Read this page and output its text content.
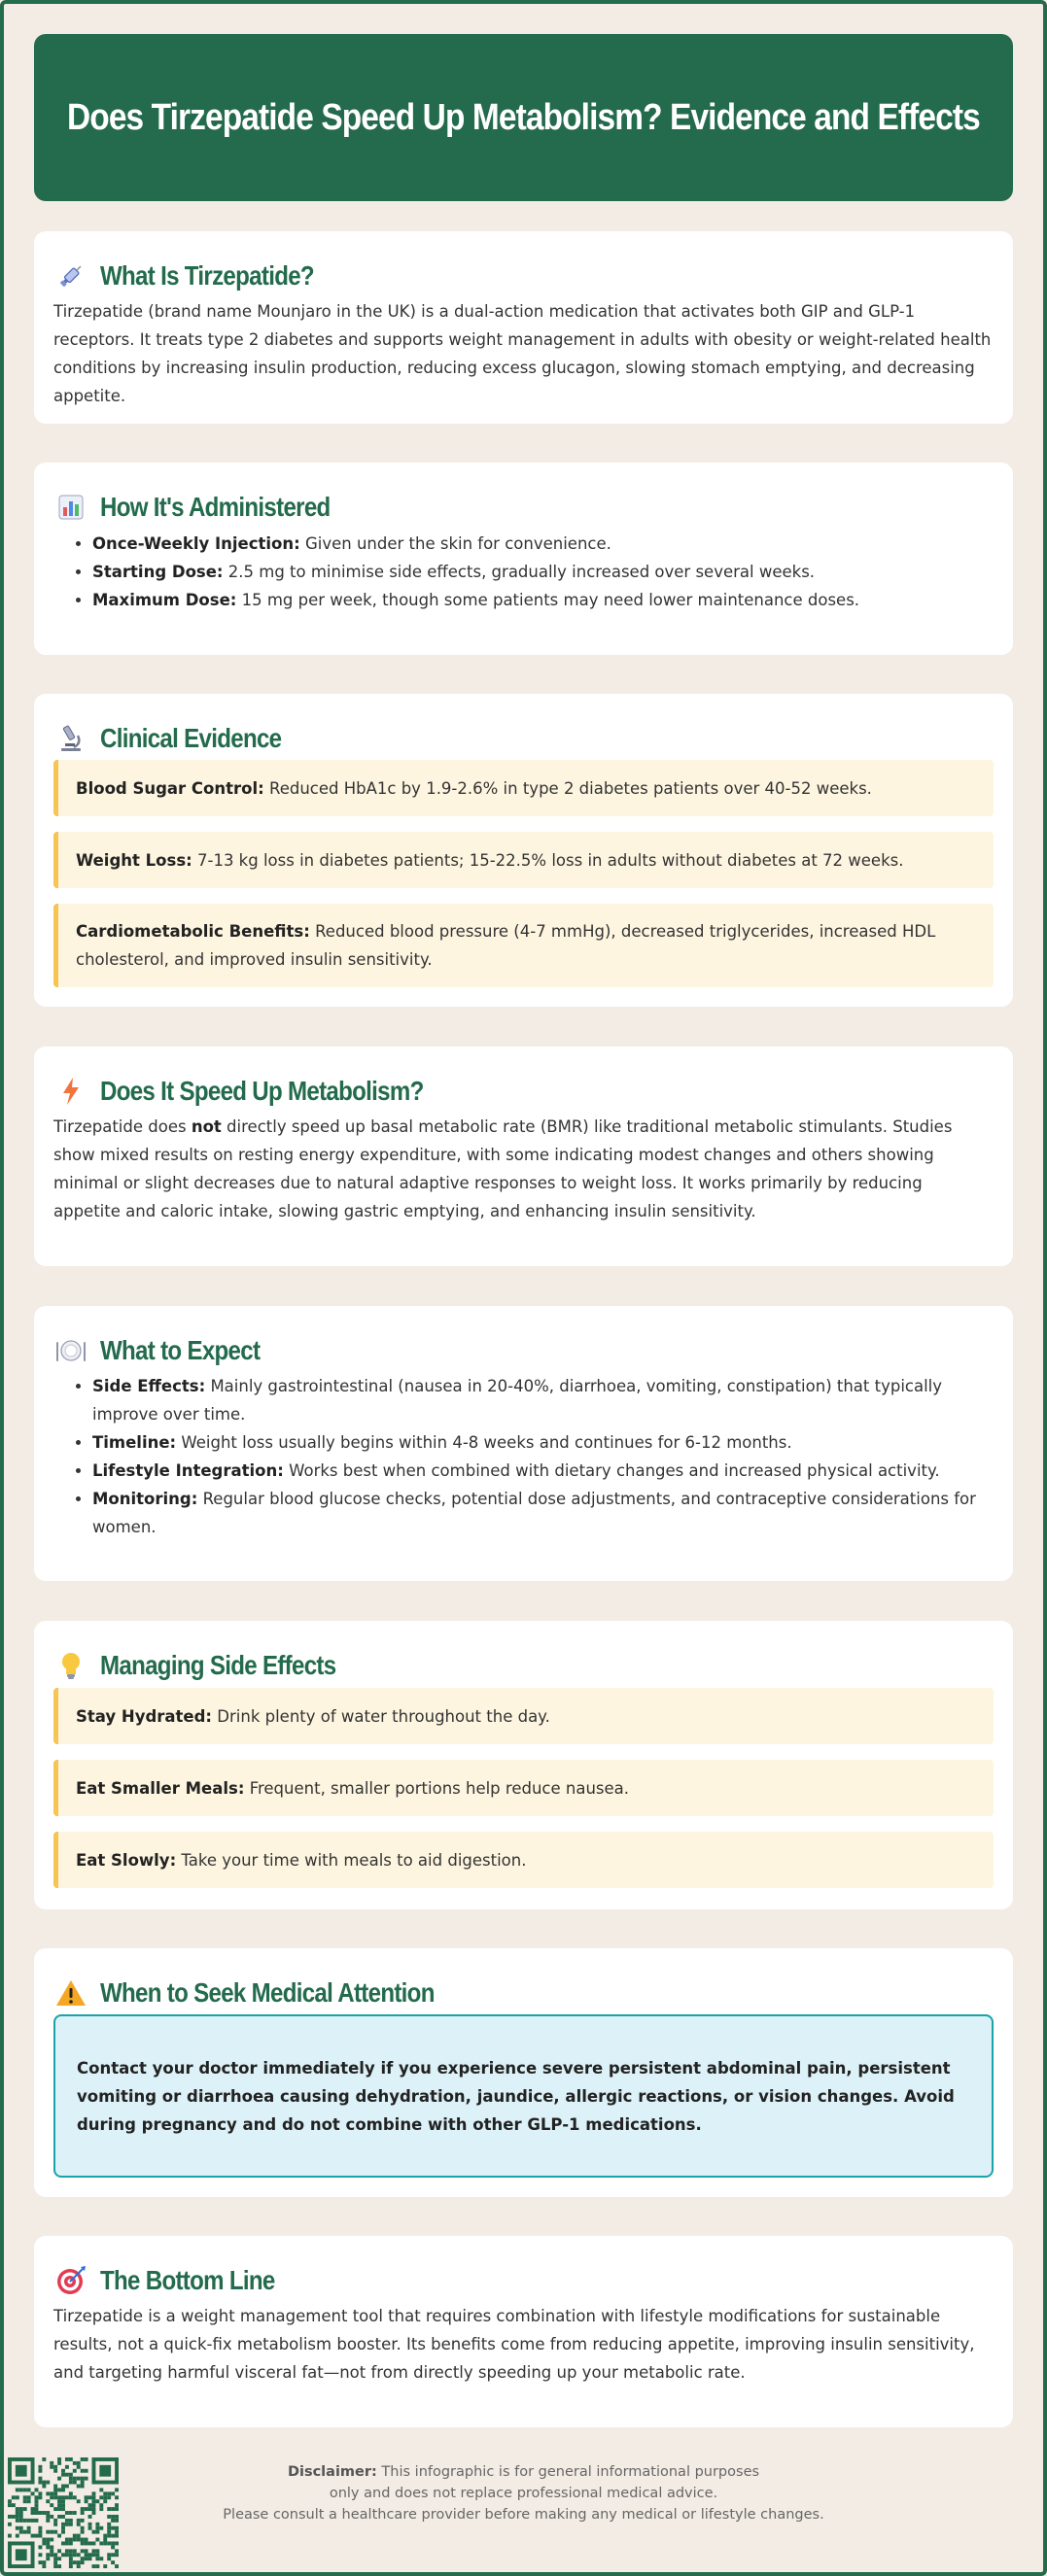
Does Tirzepatide Speed Up Metabolism? Evidence and Effects
What Is Tirzepatide?
Tirzepatide (brand name Mounjaro in the UK) is a dual-action medication that activates both GIP and GLP-1 receptors. It treats type 2 diabetes and supports weight management in adults with obesity or weight-related health conditions by increasing insulin production, reducing excess glucagon, slowing stomach emptying, and decreasing appetite.
How It's Administered
• Once-Weekly Injection: Given under the skin for convenience.
• Starting Dose: 2.5 mg to minimise side effects, gradually increased over several weeks.
• Maximum Dose: 15 mg per week, though some patients may need lower maintenance doses.
Clinical Evidence
Blood Sugar Control: Reduced HbA1c by 1.9-2.6% in type 2 diabetes patients over 40-52 weeks.
Weight Loss: 7-13 kg loss in diabetes patients; 15-22.5% loss in adults without diabetes at 72 weeks.
Cardiometabolic Benefits: Reduced blood pressure (4-7 mmHg), decreased triglycerides, increased HDL cholesterol, and improved insulin sensitivity.
Does It Speed Up Metabolism?
Tirzepatide does not directly speed up basal metabolic rate (BMR) like traditional metabolic stimulants. Studies show mixed results on resting energy expenditure, with some indicating modest changes and others showing minimal or slight decreases due to natural adaptive responses to weight loss. It works primarily by reducing appetite and caloric intake, slowing gastric emptying, and enhancing insulin sensitivity.
What to Expect
• Side Effects: Mainly gastrointestinal (nausea in 20-40%, diarrhoea, vomiting, constipation) that typically improve over time.
• Timeline: Weight loss usually begins within 4-8 weeks and continues for 6-12 months.
• Lifestyle Integration: Works best when combined with dietary changes and increased physical activity.
• Monitoring: Regular blood glucose checks, potential dose adjustments, and contraceptive considerations for women.
Managing Side Effects
Stay Hydrated: Drink plenty of water throughout the day.
Eat Smaller Meals: Frequent, smaller portions help reduce nausea.
Eat Slowly: Take your time with meals to aid digestion.
When to Seek Medical Attention
Contact your doctor immediately if you experience severe persistent abdominal pain, persistent vomiting or diarrhoea causing dehydration, jaundice, allergic reactions, or vision changes. Avoid during pregnancy and do not combine with other GLP-1 medications.
The Bottom Line
Tirzepatide is a weight management tool that requires combination with lifestyle modifications for sustainable results, not a quick-fix metabolism booster. Its benefits come from reducing appetite, improving insulin sensitivity, and targeting harmful visceral fat—not from directly speeding up your metabolic rate.
Disclaimer: This infographic is for general informational purposes
only and does not replace professional medical advice.
Please consult a healthcare provider before making any medical or lifestyle changes.
